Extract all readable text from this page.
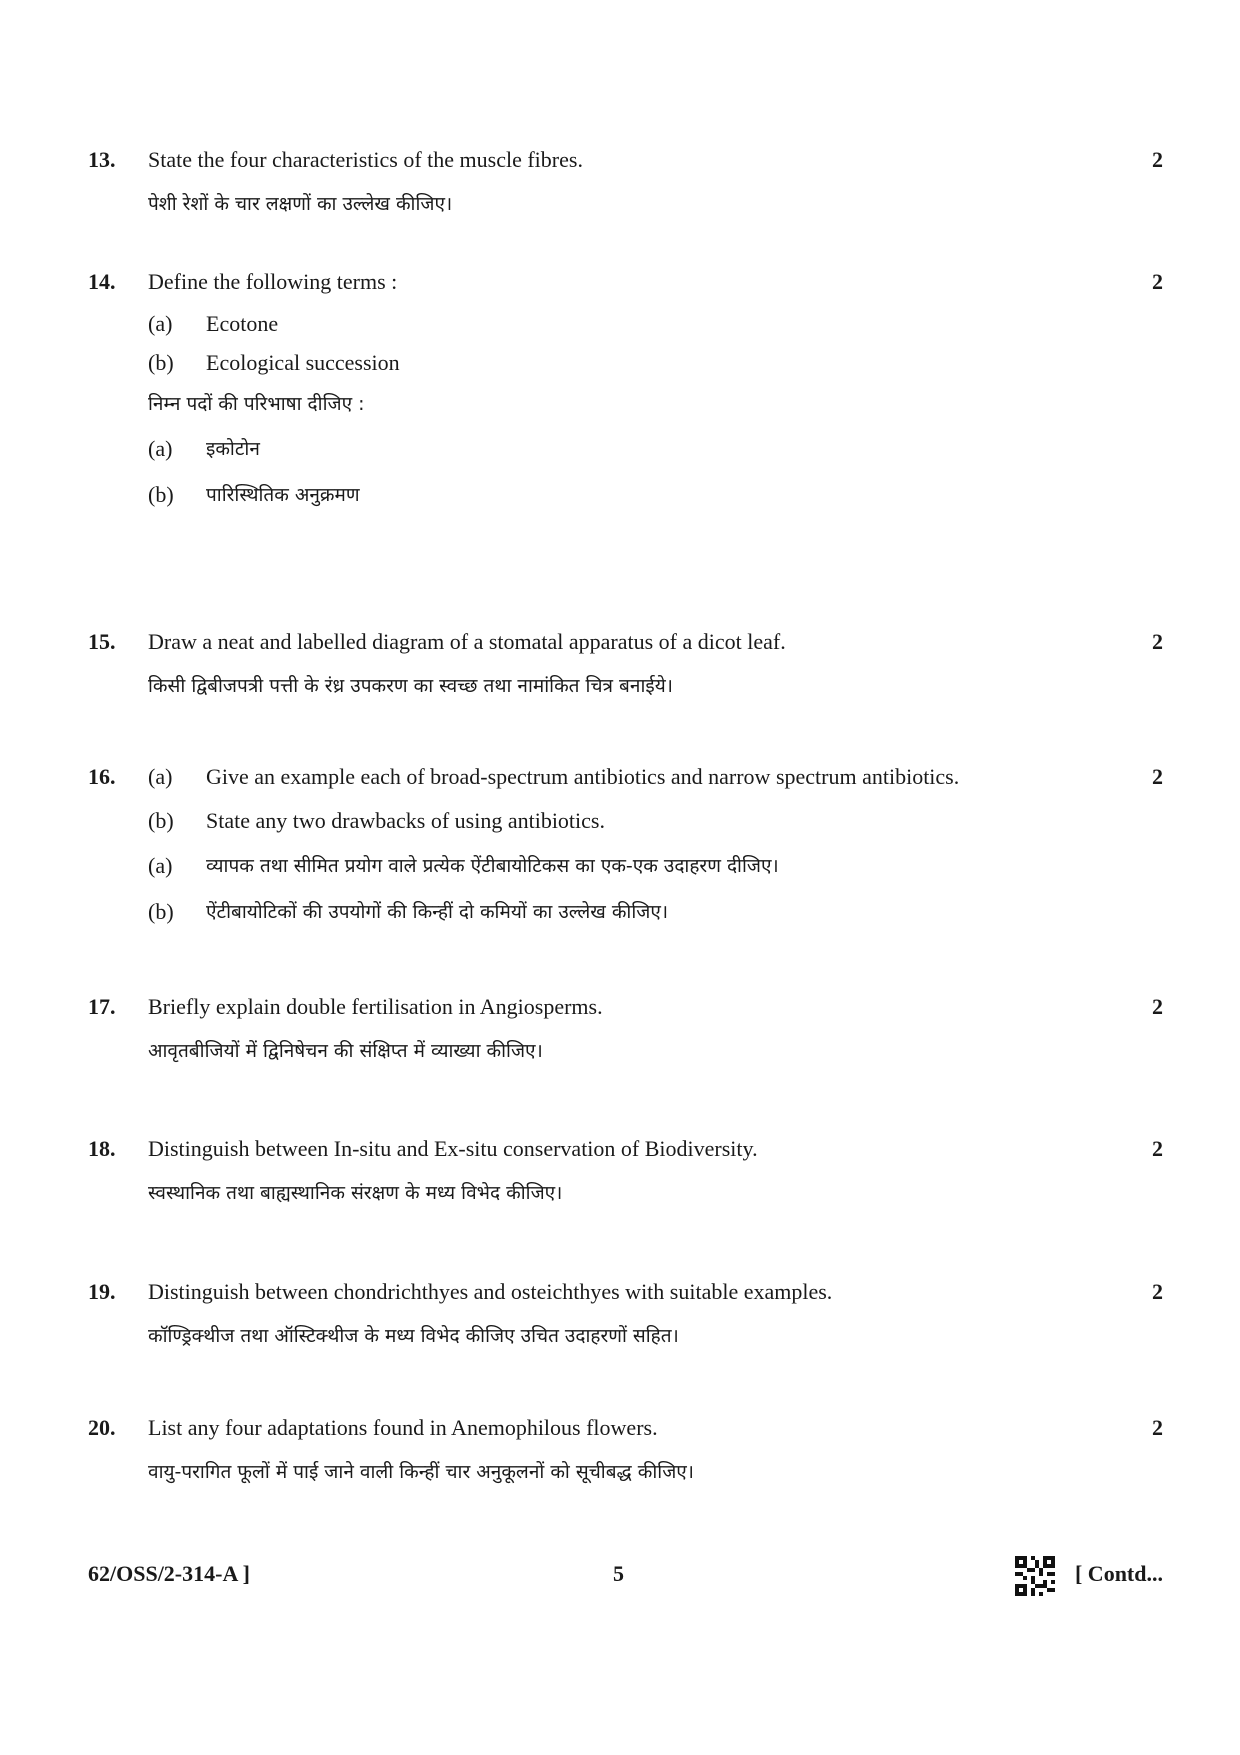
13. State the four characteristics of the muscle fibres.	2
पेशी रेशों के चार लक्षणों का उल्लेख कीजिए।
14. Define the following terms :	2
(a) Ecotone
(b) Ecological succession
निम्न पदों की परिभाषा दीजिए :
(a) इकोटोन
(b) पारिस्थितिक अनुक्रमण
15. Draw a neat and labelled diagram of a stomatal apparatus of a dicot leaf.	2
किसी द्विबीजपत्री पत्ती के रंध्र उपकरण का स्वच्छ तथा नामांकित चित्र बनाईये।
16. (a) Give an example each of broad-spectrum antibiotics and narrow spectrum antibiotics.	2
(b) State any two drawbacks of using antibiotics.
(a) व्यापक तथा सीमित प्रयोग वाले प्रत्येक ऐंटीबायोटिकस का एक-एक उदाहरण दीजिए।
(b) ऐंटीबायोटिकों की उपयोगों की किन्हीं दो कमियों का उल्लेख कीजिए।
17. Briefly explain double fertilisation in Angiosperms.	2
आवृतबीजियों में द्विनिषेचन की संक्षिप्त में व्याख्या कीजिए।
18. Distinguish between In-situ and Ex-situ conservation of Biodiversity.	2
स्वस्थानिक तथा बाह्यस्थानिक संरक्षण के मध्य विभेद कीजिए।
19. Distinguish between chondrichthyes and osteichthyes with suitable examples.	2
कॉण्ड्रिक्थीज तथा ऑस्टिक्थीज के मध्य विभेद कीजिए उचित उदाहरणों सहित।
20. List any four adaptations found in Anemophilous flowers.	2
वायु-परागित फूलों में पाई जाने वाली किन्हीं चार अनुकूलनों को सूचीबद्ध कीजिए।
62/OSS/2-314-A ]	5	[ Contd...
